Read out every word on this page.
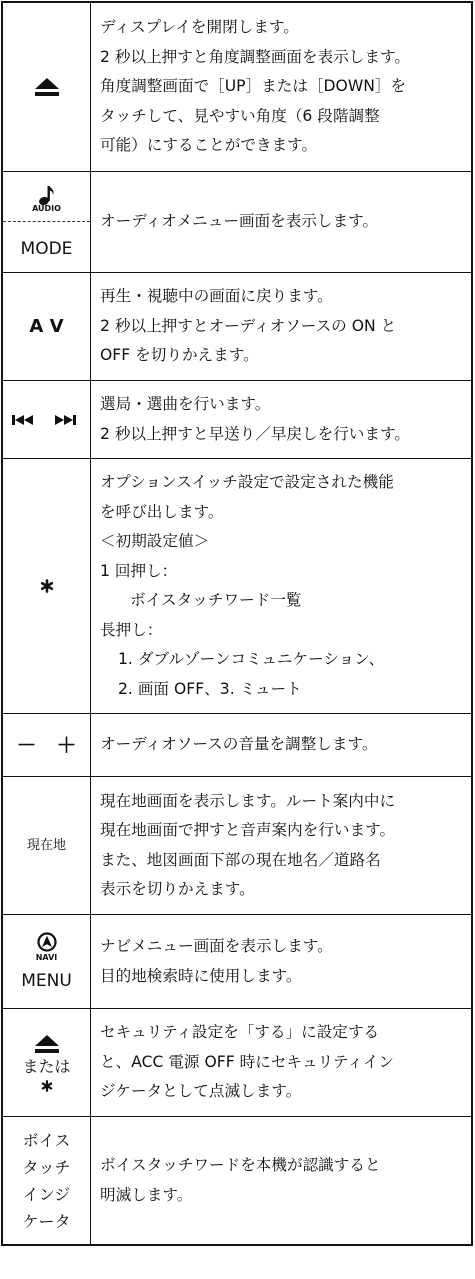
ディスプレイを開閉します。

2 秒以上押すと角度調整画面を表示します。

角度調整画面で［UP］または［DOWN］を

タッチして、見やすい角度（6 段階調整

可能）にすることができます。

AUDIO
MODE

オーディオメニュー画面を表示します。

A V

再生・視聴中の画面に戻ります。

2 秒以上押すとオーディオソースの ON と

OFF を切りかえます。

選局・選曲を行います。

2 秒以上押すと早送り／早戻しを行います。

オプションスイッチ設定で設定された機能

を呼び出します。

＜初期設定値＞

1 回押し：

ボイスタッチワード一覧

長押し：

1. ダブルゾーンコミュニケーション、

2. 画面 OFF、3. ミュート

－　＋ オーディオソースの音量を調整します。

現在地

現在地画面を表示します。ルート案内中に

現在地画面で押すと音声案内を行います。

また、地図画面下部の現在地名／道路名

表示を切りかえます。

NAVI
MENU

ナビメニュー画面を表示します。

目的地検索時に使用します。

または

セキュリティ設定を「する」に設定する

と、ACC 電源 OFF 時にセキュリティイン

ジケータとして点滅します。

ボイス
タッチ
インジ
ケータ

ボイスタッチワードを本機が認識すると

明滅します。
